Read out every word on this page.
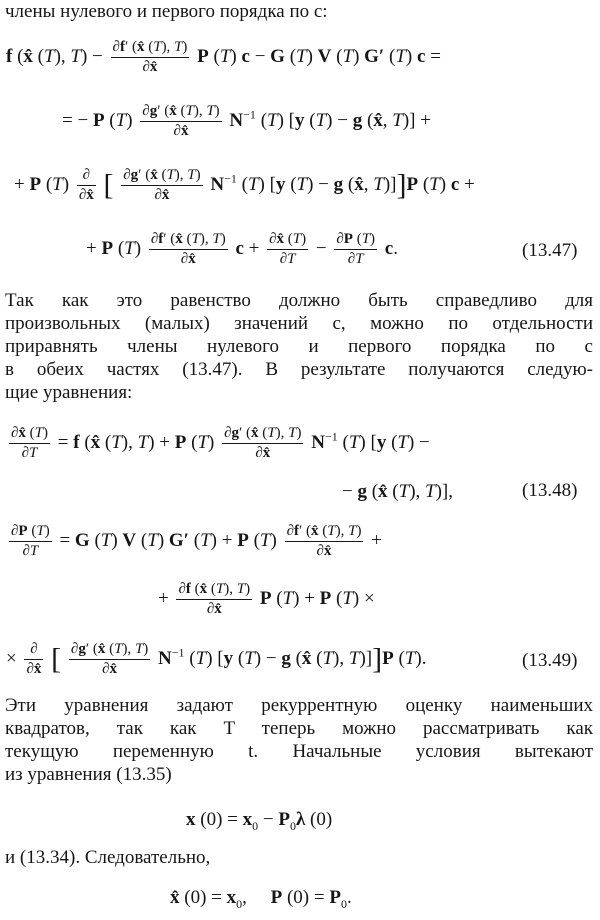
члены нулевого и первого порядка по c:
f (x̂ (T), $T) - \frac{\partial f' (x̂ (T), T)}{\partial x̂}$ P (T) c − G (T) V (T) G′ (T) c =
= − P $(T) \frac{\partial g' (x̂ (T), T)}{\partial x̂} N^{-1}$ (T) [y (T) − g (x̂, T)] +
+ P $(T) \frac{\partial}{\partial x̂}$ [ $\frac{\partial g' (x̂ (T), T)}{\partial x̂} N^{-1}$ (T) [y (T) − g (x̂, T)]]P (T) c +
+ P $(T) \frac{\partial f' (x̂ (T), T)}{\partial x̂}$ $c + \frac{\partial x̂ (T)}{\partial T} - \frac{\partial P (T)}{\partial T} c$.	(13.47)
Так как это равенство должно быть справедливо для
произвольных (малых) значений c, можно по отдельности
приравнять члены нулевого и первого порядка по c
в обеих частях (13.47). В результате получаются следую-
щие уравнения:
$\frac{\partial x̂ (T)}{\partial T} = f$ (x̂ (T), T) + P $(T) \frac{\partial g' (x̂ (T), T)}{\partial x̂} N^{-1}$ (T) [y (T) −
− g (x̂ (T), T)],	(13.48)
$\frac{\partial P (T)}{\partial T} = G$ (T) V (T) G′ (T) + P $(T) \frac{\partial f' (x̂ (T), T)}{\partial x̂}$ +
+ $\frac{\partial f (x̂ (T), T)}{\partial x̂}$ P (T) + P (T) ×
× $\frac{\partial}{\partial x̂}$ [ $\frac{\partial g' (x̂ (T), T)}{\partial x̂} N^{-1}$ (T) [y (T) − g (x̂ (T), T)]]P (T).	(13.49)
Эти уравнения задают рекуррентную оценку наименьших
квадратов, так как T теперь можно рассматривать как
текущую переменную t. Начальные условия вытекают
из уравнения (13.35)
x $(0) = x_0 - P_0\lambda$ (0)
и (13.34). Следовательно,
x̂ $(0) = x_0$,     P $(0) = P_0$.
